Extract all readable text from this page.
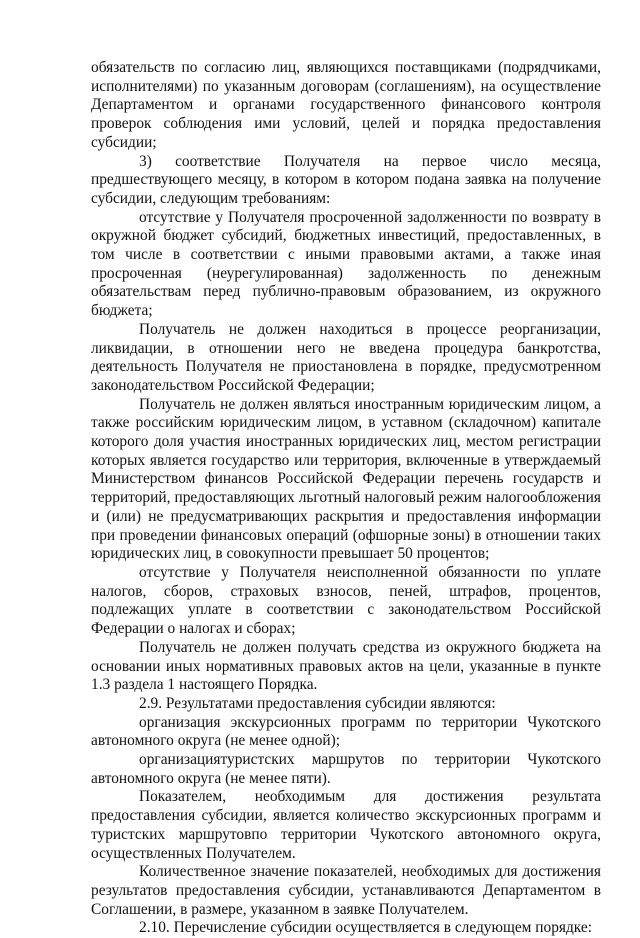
обязательств по согласию лиц, являющихся поставщиками (подрядчиками, исполнителями) по указанным договорам (соглашениям), на осуществление Департаментом и органами государственного финансового контроля проверок соблюдения ими условий, целей и порядка предоставления субсидии;

3) соответствие Получателя на первое число месяца, предшествующего месяцу, в котором в котором подана заявка на получение субсидии, следующим требованиям:

отсутствие у Получателя просроченной задолженности по возврату в окружной бюджет субсидий, бюджетных инвестиций, предоставленных, в том числе в соответствии с иными правовыми актами, а также иная просроченная (неурегулированная) задолженность по денежным обязательствам перед публично-правовым образованием, из окружного бюджета;

Получатель не должен находиться в процессе реорганизации, ликвидации, в отношении него не введена процедура банкротства, деятельность Получателя не приостановлена в порядке, предусмотренном законодательством Российской Федерации;

Получатель не должен являться иностранным юридическим лицом, а также российским юридическим лицом, в уставном (складочном) капитале которого доля участия иностранных юридических лиц, местом регистрации которых является государство или территория, включенные в утверждаемый Министерством финансов Российской Федерации перечень государств и территорий, предоставляющих льготный налоговый режим налогообложения и (или) не предусматривающих раскрытия и предоставления информации при проведении финансовых операций (офшорные зоны) в отношении таких юридических лиц, в совокупности превышает 50 процентов;

отсутствие у Получателя неисполненной обязанности по уплате налогов, сборов, страховых взносов, пеней, штрафов, процентов, подлежащих уплате в соответствии с законодательством Российской Федерации о налогах и сборах;

Получатель не должен получать средства из окружного бюджета на основании иных нормативных правовых актов на цели, указанные в пункте 1.3 раздела 1 настоящего Порядка.

2.9. Результатами предоставления субсидии являются:

организация экскурсионных программ по территории Чукотского автономного округа (не менее одной);

организациятуристских маршрутов по территории Чукотского автономного округа (не менее пяти).

Показателем, необходимым для достижения результата предоставления субсидии, является количество экскурсионных программ и туристских маршрутовпо территории Чукотского автономного округа, осуществленных Получателем.

Количественное значение показателей, необходимых для достижения результатов предоставления субсидии, устанавливаются Департаментом в Соглашении, в размере, указанном в заявке Получателем.

2.10. Перечисление субсидии осуществляется в следующем порядке:
